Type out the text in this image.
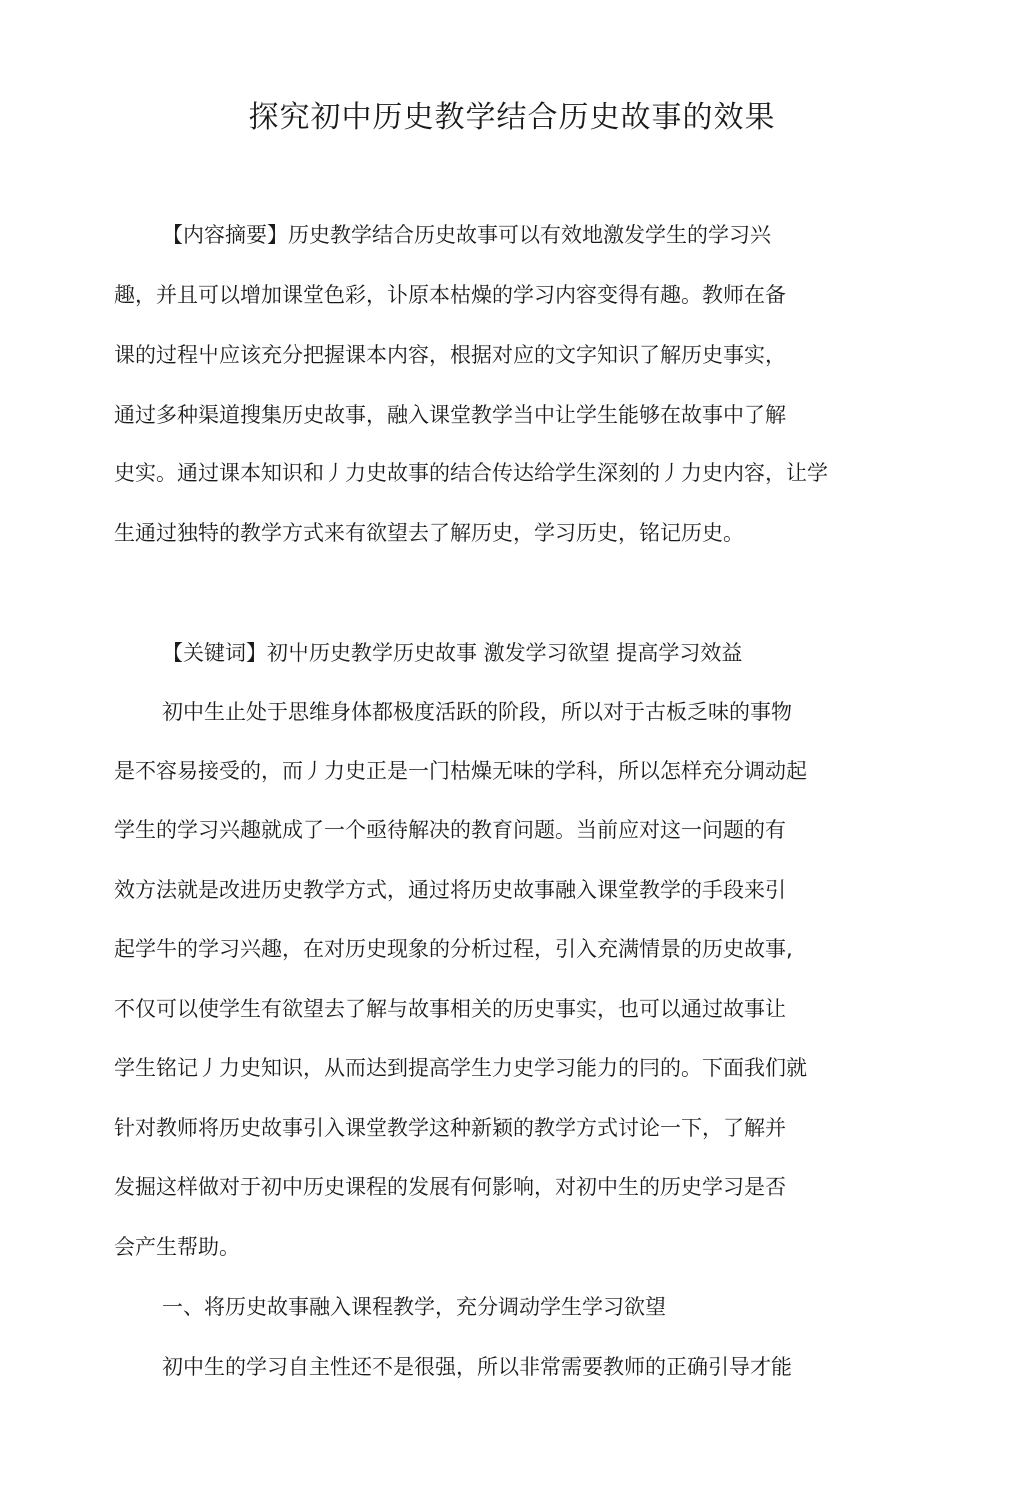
探究初中历史教学结合历史故事的效果

【内容摘要】历史教学结合历史故事可以有效地激发学生的学习兴

趣，并且可以增加课堂色彩，讣原本枯燥的学习内容变得有趣。教师在备

课的过程屮应该充分把握课本内容，根据对应的文字知识了解历史事实，

通过多种渠道搜集历史故事，融入课堂教学当中让学生能够在故事中了解

史实。通过课本知识和丿力史故事的结合传达给学生深刻的丿力史内容，让学

生通过独特的教学方式来有欲望去了解历史，学习历史，铭记历史。

【关键词】初屮历史教学历史故事 激发学习欲望 提高学习效益

初中生止处于思维身体都极度活跃的阶段，所以对于古板乏味的事物

是不容易接受的，而丿力史正是一门枯燥无味的学科，所以怎样充分调动起

学生的学习兴趣就成了一个亟待解决的教育问题。当前应对这一问题的有

效方法就是改进历史教学方式，通过将历史故事融入课堂教学的手段来引

起学牛的学习兴趣，在对历史现象的分析过程，引入充满情景的历史故事,

不仅可以使学生有欲望去了解与故事相关的历史事实，也可以通过故事让

学生铭记丿力史知识，从而达到提高学生力史学习能力的冃的。下面我们就

针对教师将历史故事引入课堂教学这种新颖的教学方式讨论一下，了解并

发掘这样做对于初中历史课程的发展有何影响，对初中生的历史学习是否

会产生帮助。

一、将历史故事融入课程教学，充分调动学生学习欲望

初中生的学习自主性还不是很强，所以非常需要教师的正确引导才能
